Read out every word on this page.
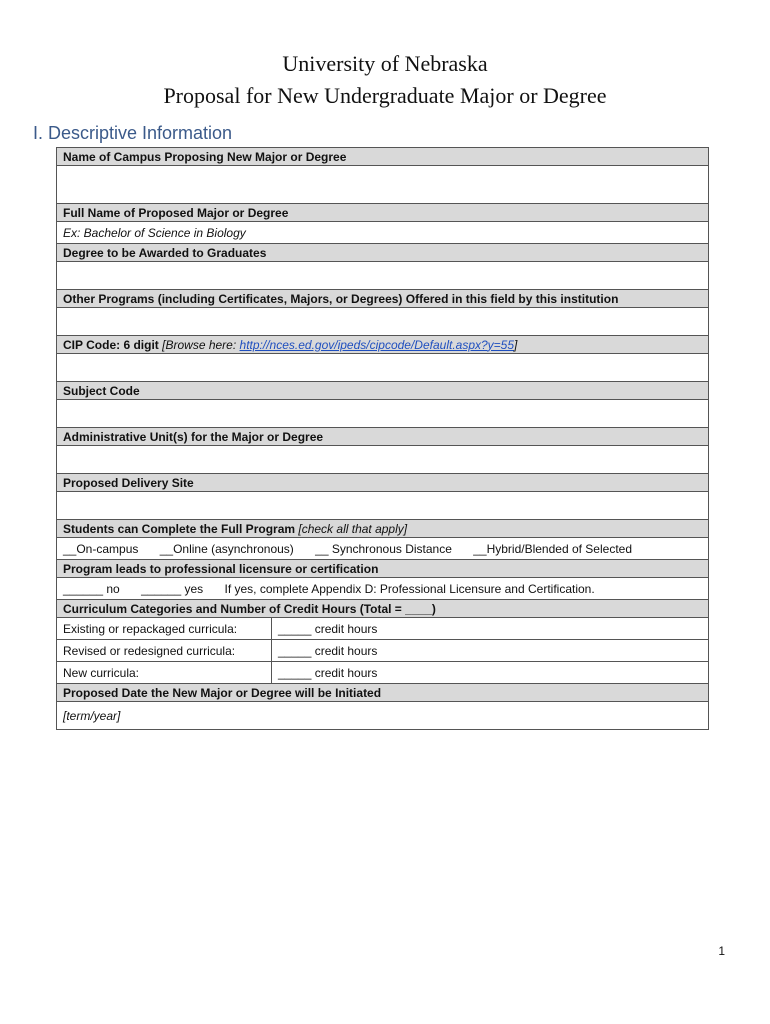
University of Nebraska
Proposal for New Undergraduate Major or Degree
I. Descriptive Information
Name of Campus Proposing New Major or Degree	

Full Name of Proposed Major or Degree	
Ex: Bachelor of Science in Biology	
Degree to be Awarded to Graduates	

Other Programs (including Certificates, Majors, or Degrees) Offered in this field by this institution	

CIP Code: 6 digit [Browse here: http://nces.ed.gov/ipeds/cipcode/Default.aspx?y=55]	

Subject Code	

Administrative Unit(s) for the Major or Degree	

Proposed Delivery Site	

Students can Complete the Full Program [check all that apply]	
__On-campus __Online (asynchronous) __ Synchronous Distance __Hybrid/Blended of Selected	
Program leads to professional licensure or certification	
______ no ______ yes If yes, complete Appendix D: Professional Licensure and Certification.	
Curriculum Categories and Number of Credit Hours (Total = ____)	
Existing or repackaged curricula:	_____ credit hours
Revised or redesigned curricula:	_____ credit hours
New curricula:	_____ credit hours
Proposed Date the New Major or Degree will be Initiated	
[term/year]	
1
